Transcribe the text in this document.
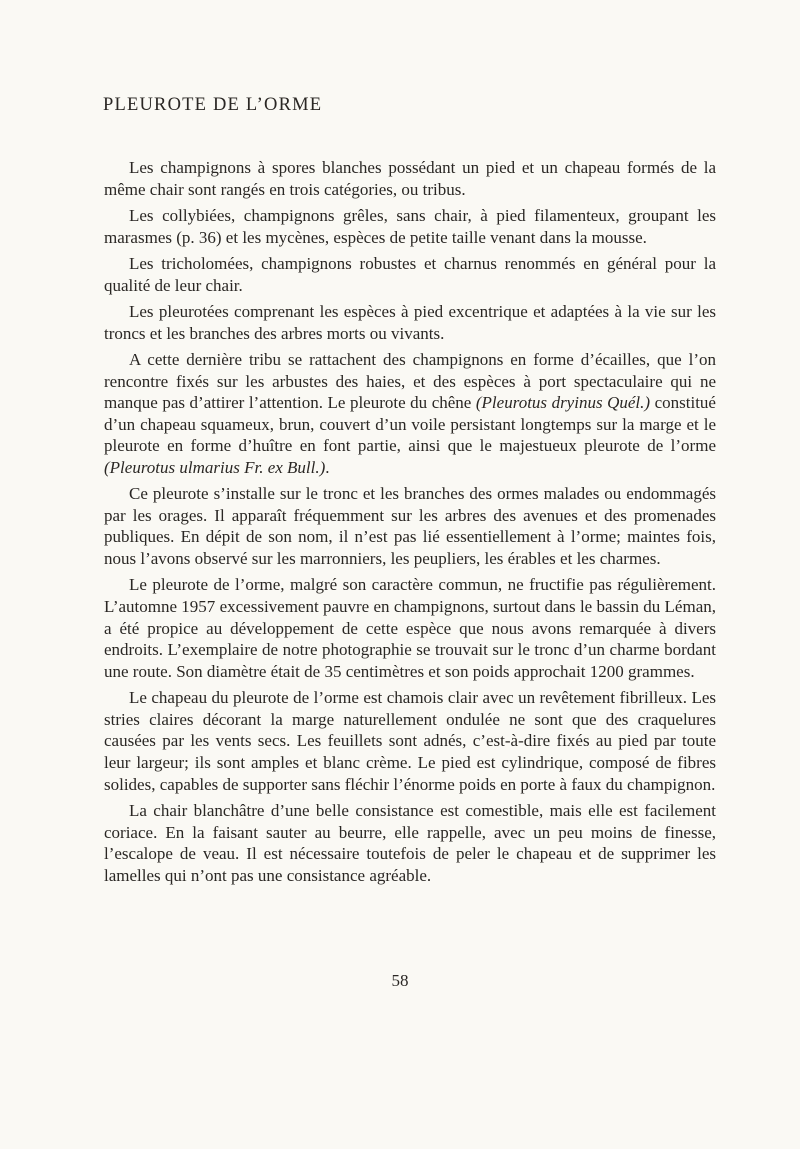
PLEUROTE DE L’ORME

Les champignons à spores blanches possédant un pied et un chapeau formés de la même chair sont rangés en trois catégories, ou tribus.

Les collybiées, champignons grêles, sans chair, à pied filamenteux, groupant les marasmes (p. 36) et les mycènes, espèces de petite taille venant dans la mousse.

Les tricholomées, champignons robustes et charnus renommés en général pour la qualité de leur chair.

Les pleurotées comprenant les espèces à pied excentrique et adaptées à la vie sur les troncs et les branches des arbres morts ou vivants.

A cette dernière tribu se rattachent des champignons en forme d’écailles, que l’on rencontre fixés sur les arbustes des haies, et des espèces à port spectaculaire qui ne manque pas d’attirer l’attention. Le pleurote du chêne (Pleurotus dryinus Quél.) constitué d’un chapeau squameux, brun, couvert d’un voile persistant longtemps sur la marge et le pleurote en forme d’huître en font partie, ainsi que le majestueux pleurote de l’orme (Pleurotus ulmarius Fr. ex Bull.).

Ce pleurote s’installe sur le tronc et les branches des ormes malades ou endommagés par les orages. Il apparaît fréquemment sur les arbres des avenues et des promenades publiques. En dépit de son nom, il n’est pas lié essentiellement à l’orme; maintes fois, nous l’avons observé sur les marronniers, les peupliers, les érables et les charmes.

Le pleurote de l’orme, malgré son caractère commun, ne fructifie pas régulièrement. L’automne 1957 excessivement pauvre en champignons, surtout dans le bassin du Léman, a été propice au développement de cette espèce que nous avons remarquée à divers endroits. L’exemplaire de notre photographie se trouvait sur le tronc d’un charme bordant une route. Son diamètre était de 35 centimètres et son poids approchait 1200 grammes.

Le chapeau du pleurote de l’orme est chamois clair avec un revêtement fibrilleux. Les stries claires décorant la marge naturellement ondulée ne sont que des craquelures causées par les vents secs. Les feuillets sont adnés, c’est-à-dire fixés au pied par toute leur largeur; ils sont amples et blanc crème. Le pied est cylindrique, composé de fibres solides, capables de supporter sans fléchir l’énorme poids en porte à faux du champignon.

La chair blanchâtre d’une belle consistance est comestible, mais elle est facilement coriace. En la faisant sauter au beurre, elle rappelle, avec un peu moins de finesse, l’escalope de veau. Il est nécessaire toutefois de peler le chapeau et de supprimer les lamelles qui n’ont pas une consistance agréable.

58
